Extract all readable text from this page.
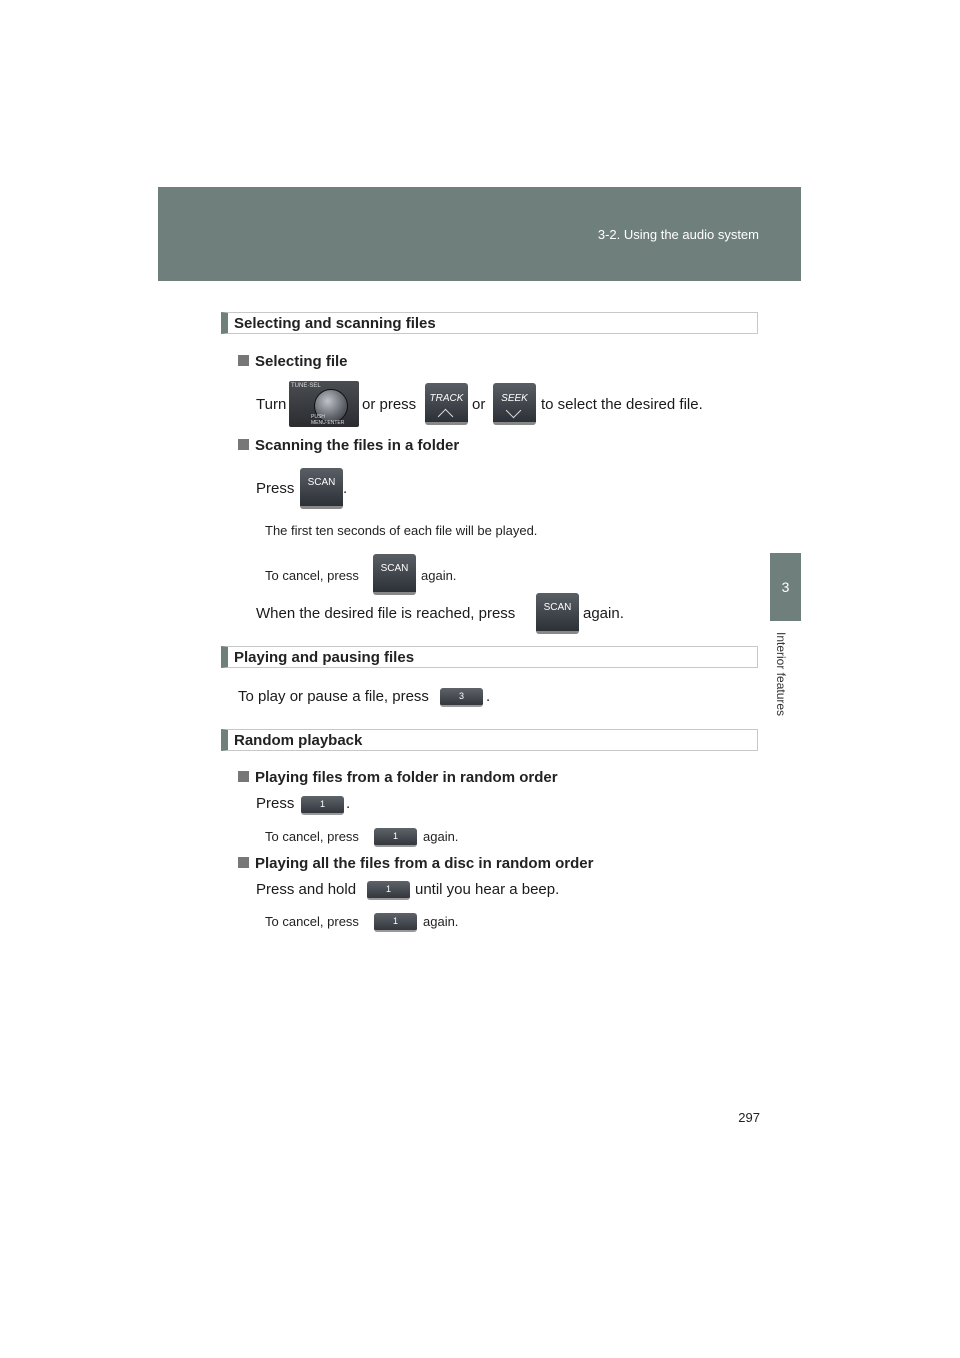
3-2. Using the audio system
3
Interior features
Selecting and scanning files
Selecting file
Turn
TUNE·SEL
PUSH MENU·ENTER
or press	TRACK or	SEEK to select the desired file.
Scanning the files in a folder
Press	SCAN .
The first ten seconds of each file will be played.
To cancel, press	SCAN again.
When the desired file is reached, press	SCAN again.
Playing and pausing files
To play or pause a file, press	3	.
Random playback
Playing files from a folder in random order
Press	1	.
To cancel, press	1	again.
Playing all the files from a disc in random order
Press and hold	1	until you hear a beep.
To cancel, press	1	again.
297
